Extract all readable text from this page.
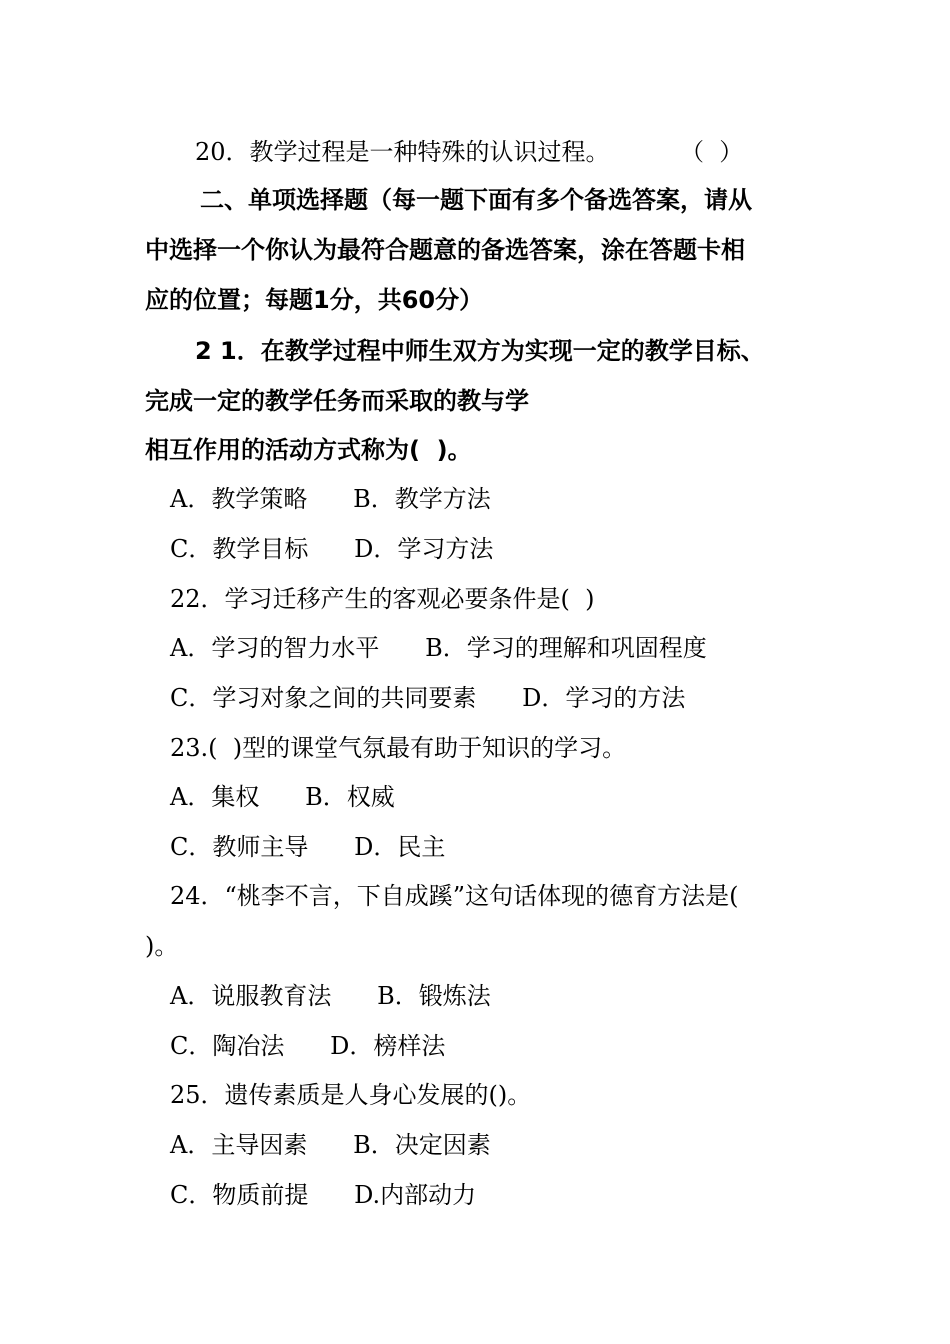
20．教学过程是一种特殊的认识过程。	（  ）
二、单项选择题（每一题下面有多个备选答案，请从
中选择一个你认为最符合题意的备选答案，涂在答题卡相
应的位置；每题1分，共60分）
2 1．在教学过程中师生双方为实现一定的教学目标、
完成一定的教学任务而采取的教与学
相互作用的活动方式称为(  )。
A．教学策略      B．教学方法
C．教学目标      D．学习方法
22．学习迁移产生的客观必要条件是(  )
A．学习的智力水平      B．学习的理解和巩固程度
C．学习对象之间的共同要素      D．学习的方法
23.(  )型的课堂气氛最有助于知识的学习。
A．集权      B．权威
C．教师主导      D．民主
24．“桃李不言，下自成蹊”这句话体现的德育方法是(
)。
A．说服教育法      B．锻炼法
C．陶冶法      D．榜样法
25．遗传素质是人身心发展的()。
A．主导因素      B．决定因素
C．物质前提      D.内部动力
